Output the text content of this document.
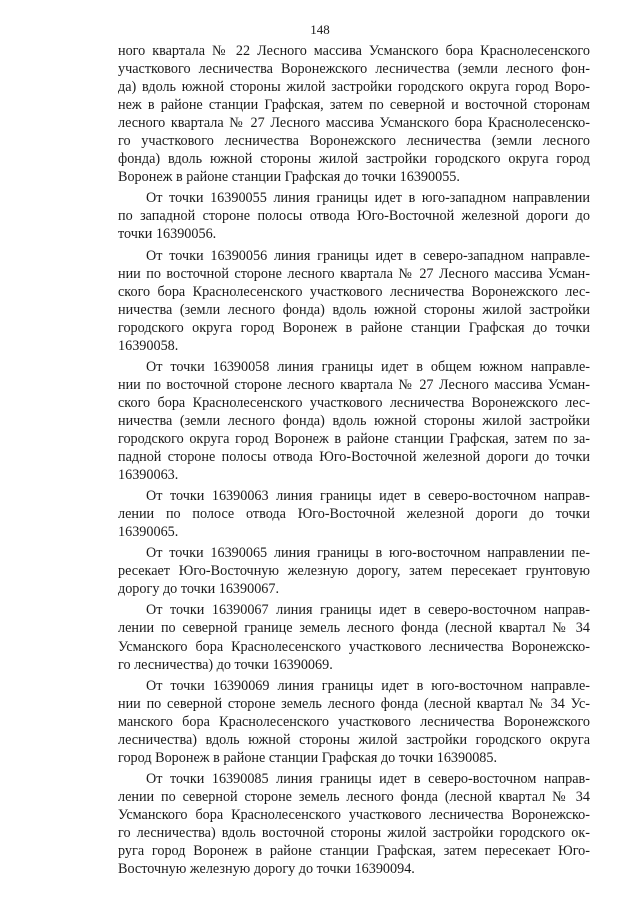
148
ного квартала № 22 Лесного массива Усманского бора Краснолесенского
участкового лесничества Воронежского лесничества (земли лесного фон-
да) вдоль южной стороны жилой застройки городского округа город Воро-
неж в районе станции Графская, затем по северной и восточной сторонам
лесного квартала № 27 Лесного массива Усманского бора Краснолесенско-
го участкового лесничества Воронежского лесничества (земли лесного
фонда) вдоль южной стороны жилой застройки городского округа город
Воронеж в районе станции Графская до точки 16390055.
От точки 16390055 линия границы идет в юго-западном направлении
по западной стороне полосы отвода Юго-Восточной железной дороги до
точки 16390056.
От точки 16390056 линия границы идет в северо-западном направле-
нии по восточной стороне лесного квартала № 27 Лесного массива Усман-
ского бора Краснолесенского участкового лесничества Воронежского лес-
ничества (земли лесного фонда) вдоль южной стороны жилой застройки
городского округа город Воронеж в районе станции Графская до точки
16390058.
От точки 16390058 линия границы идет в общем южном направле-
нии по восточной стороне лесного квартала № 27 Лесного массива Усман-
ского бора Краснолесенского участкового лесничества Воронежского лес-
ничества (земли лесного фонда) вдоль южной стороны жилой застройки
городского округа город Воронеж в районе станции Графская, затем по за-
падной стороне полосы отвода Юго-Восточной железной дороги до точки
16390063.
От точки 16390063 линия границы идет в северо-восточном направ-
лении по полосе отвода Юго-Восточной железной дороги до точки
16390065.
От точки 16390065 линия границы в юго-восточном направлении пе-
ресекает Юго-Восточную железную дорогу, затем пересекает грунтовую
дорогу до точки 16390067.
От точки 16390067 линия границы идет в северо-восточном направ-
лении по северной границе земель лесного фонда (лесной квартал № 34
Усманского бора Краснолесенского участкового лесничества Воронежско-
го лесничества) до точки 16390069.
От точки 16390069 линия границы идет в юго-восточном направле-
нии по северной стороне земель лесного фонда (лесной квартал № 34 Ус-
манского бора Краснолесенского участкового лесничества Воронежского
лесничества) вдоль южной стороны жилой застройки городского округа
город Воронеж в районе станции Графская до точки 16390085.
От точки 16390085 линия границы идет в северо-восточном направ-
лении по северной стороне земель лесного фонда (лесной квартал № 34
Усманского бора Краснолесенского участкового лесничества Воронежско-
го лесничества) вдоль восточной стороны жилой застройки городского ок-
руга город Воронеж в районе станции Графская, затем пересекает Юго-
Восточную железную дорогу до точки 16390094.
